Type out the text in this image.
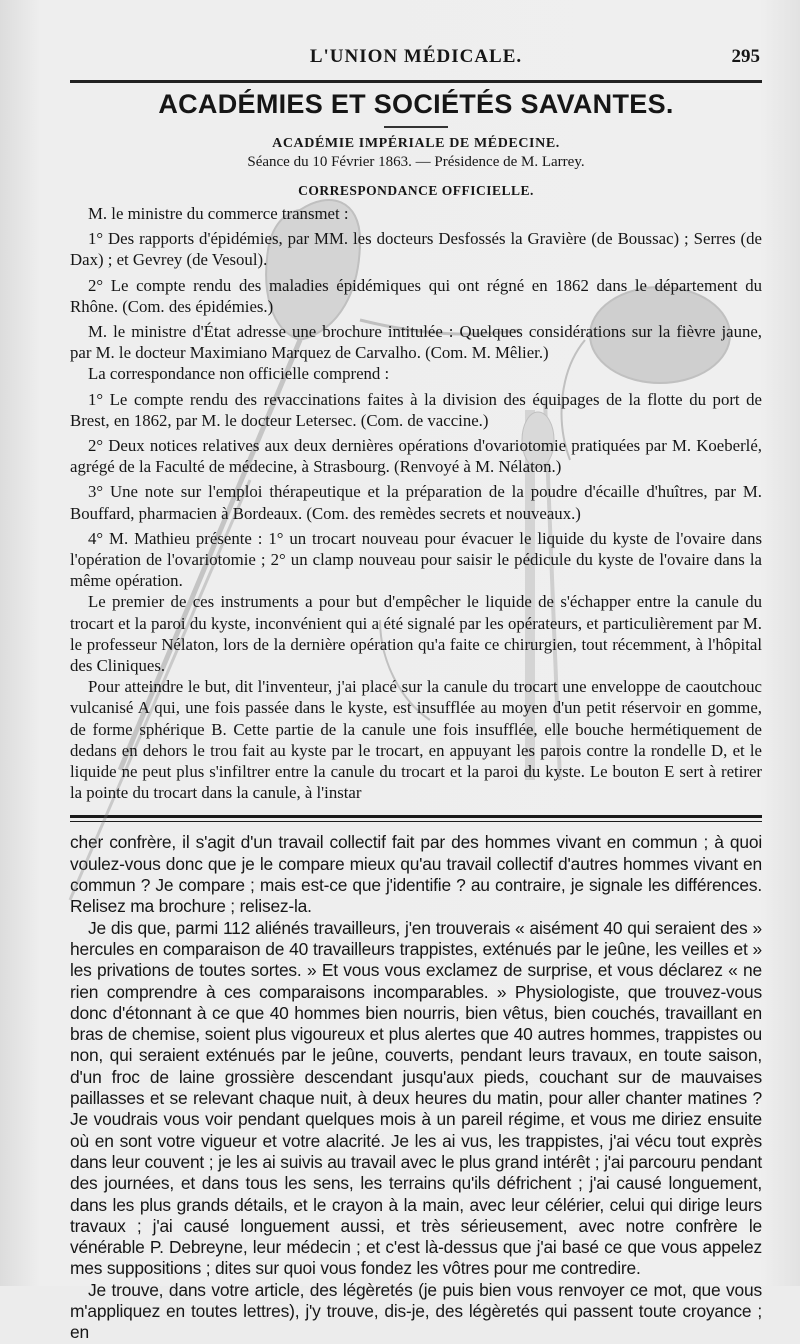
L'UNION MÉDICALE.	295
ACADÉMIES ET SOCIÉTÉS SAVANTES.
ACADÉMIE IMPÉRIALE DE MÉDECINE.
Séance du 10 Février 1863. — Présidence de M. Larrey.
CORRESPONDANCE OFFICIELLE.

M. le ministre du commerce transmet :

1° Des rapports d'épidémies, par MM. les docteurs Desfossés la Gravière (de Boussac) ; Serres (de Dax) ; et Gevrey (de Vesoul).

2° Le compte rendu des maladies épidémiques qui ont régné en 1862 dans le département du Rhône. (Com. des épidémies.)

M. le ministre d'État adresse une brochure intitulée : Quelques considérations sur la fièvre jaune, par M. le docteur Maximiano Marquez de Carvalho. (Com. M. Mêlier.)

La correspondance non officielle comprend :

1° Le compte rendu des revaccinations faites à la division des équipages de la flotte du port de Brest, en 1862, par M. le docteur Letersec. (Com. de vaccine.)

2° Deux notices relatives aux deux dernières opérations d'ovariotomie pratiquées par M. Koeberlé, agrégé de la Faculté de médecine, à Strasbourg. (Renvoyé à M. Nélaton.)

3° Une note sur l'emploi thérapeutique et la préparation de la poudre d'écaille d'huîtres, par M. Bouffard, pharmacien à Bordeaux. (Com. des remèdes secrets et nouveaux.)

4° M. Mathieu présente : 1° un trocart nouveau pour évacuer le liquide du kyste de l'ovaire dans l'opération de l'ovariotomie ; 2° un clamp nouveau pour saisir le pédicule du kyste de l'ovaire dans la même opération.

Le premier de ces instruments a pour but d'empêcher le liquide de s'échapper entre la canule du trocart et la paroi du kyste, inconvénient qui a été signalé par les opérateurs, et particulièrement par M. le professeur Nélaton, lors de la dernière opération qu'a faite ce chirurgien, tout récemment, à l'hôpital des Cliniques.

Pour atteindre le but, dit l'inventeur, j'ai placé sur la canule du trocart une enveloppe de caoutchouc vulcanisé A qui, une fois passée dans le kyste, est insufflée au moyen d'un petit réservoir en gomme, de forme sphérique B. Cette partie de la canule une fois insufflée, elle bouche hermétiquement de dedans en dehors le trou fait au kyste par le trocart, en appuyant les parois contre la rondelle D, et le liquide ne peut plus s'infiltrer entre la canule du trocart et la paroi du kyste. Le bouton E sert à retirer la pointe du trocart dans la canule, à l'instar

cher confrère, il s'agit d'un travail collectif fait par des hommes vivant en commun ; à quoi voulez-vous donc que je le compare mieux qu'au travail collectif d'autres hommes vivant en commun ? Je compare ; mais est-ce que j'identifie ? au contraire, je signale les différences. Relisez ma brochure ; relisez-la.

Je dis que, parmi 112 aliénés travailleurs, j'en trouverais « aisément 40 qui seraient des » hercules en comparaison de 40 travailleurs trappistes, exténués par le jeûne, les veilles et » les privations de toutes sortes. » Et vous vous exclamez de surprise, et vous déclarez « ne rien comprendre à ces comparaisons incomparables. » Physiologiste, que trouvez-vous donc d'étonnant à ce que 40 hommes bien nourris, bien vêtus, bien couchés, travaillant en bras de chemise, soient plus vigoureux et plus alertes que 40 autres hommes, trappistes ou non, qui seraient exténués par le jeûne, couverts, pendant leurs travaux, en toute saison, d'un froc de laine grossière descendant jusqu'aux pieds, couchant sur de mauvaises paillasses et se relevant chaque nuit, à deux heures du matin, pour aller chanter matines ? Je voudrais vous voir pendant quelques mois à un pareil régime, et vous me diriez ensuite où en sont votre vigueur et votre alacrité. Je les ai vus, les trappistes, j'ai vécu tout exprès dans leur couvent ; je les ai suivis au travail avec le plus grand intérêt ; j'ai parcouru pendant des journées, et dans tous les sens, les terrains qu'ils défrichent ; j'ai causé longuement, dans les plus grands détails, et le crayon à la main, avec leur célérier, celui qui dirige leurs travaux ; j'ai causé longuement aussi, et très sérieusement, avec notre confrère le vénérable P. Debreyne, leur médecin ; et c'est là-dessus que j'ai basé ce que vous appelez mes suppositions ; dites sur quoi vous fondez les vôtres pour me contredire.

Je trouve, dans votre article, des légèretés (je puis bien vous renvoyer ce mot, que vous m'appliquez en toutes lettres), j'y trouve, dis-je, des légèretés qui passent toute croyance ; en
